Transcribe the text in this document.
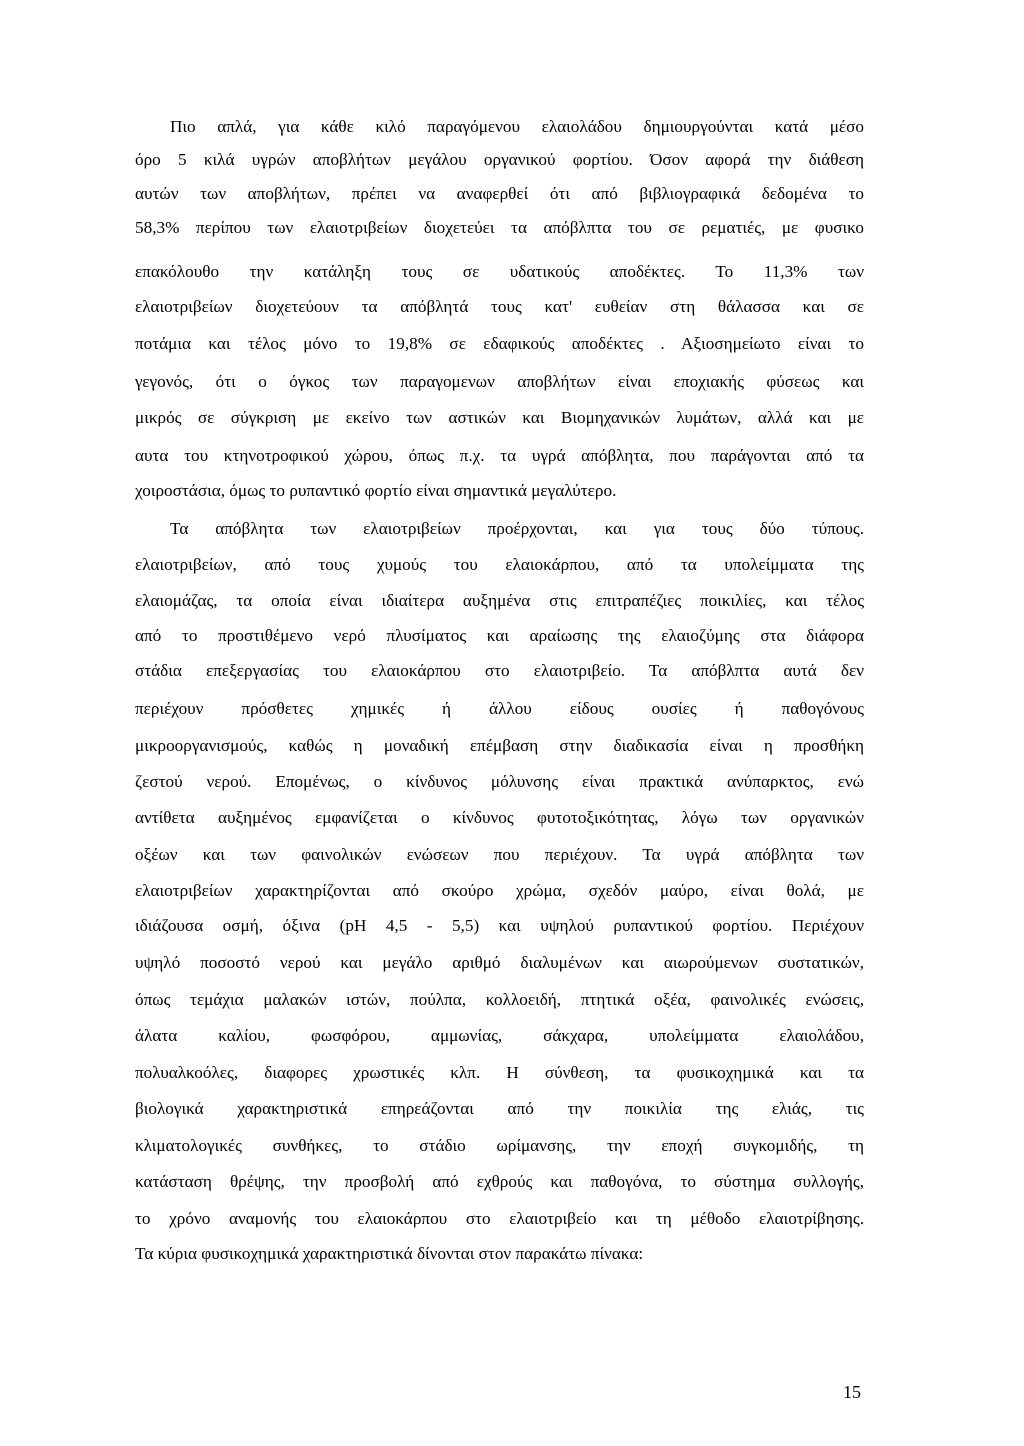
Πιο απλά, για κάθε κιλό παραγόμενου ελαιολάδου δημιουργούνται κατά μέσο
όρο 5 κιλά υγρών αποβλήτων μεγάλου οργανικού φορτίου. Όσον αφορά την διάθεση
αυτών των αποβλήτων, πρέπει να αναφερθεί ότι από βιβλιογραφικά δεδομένα το
58,3% περίπου των ελαιοτριβείων διοχετεύει τα απόβλπτα του σε ρεματιές, με φυσικο
επακόλουθο την κατάληξη τους σε υδατικούς αποδέκτες. Το 11,3% των
ελαιοτριβείων διοχετεύουν τα απόβλητά τους κατ' ευθείαν στη θάλασσα και σε
ποτάμια και τέλος μόνο το 19,8% σε εδαφικούς αποδέκτες . Αξιοσημείωτο είναι το
γεγονός, ότι ο όγκος των παραγομενων αποβλήτων είναι εποχιακής φύσεως και
μικρός σε σύγκριση με εκείνο των αστικών και Βιομηχανικών λυμάτων, αλλά και με
αυτα του κτηνοτροφικού χώρου, όπως π.χ. τα υγρά απόβλητα, που παράγονται από τα
χοιροστάσια, όμως το ρυπαντικό φορτίο είναι σημαντικά μεγαλύτερο.
Τα απόβλητα των ελαιοτριβείων προέρχονται, και για τους δύο τύπους.
ελαιοτριβείων, από τους χυμούς του ελαιοκάρπου, από τα υπολείμματα της
ελαιομάζας, τα οποία είναι ιδιαίτερα αυξημένα στις επιτραπέζιες ποικιλίες, και τέλος
από το προστιθέμενο νερό πλυσίματος και αραίωσης της ελαιοζύμης στα διάφορα
στάδια επεξεργασίας του ελαιοκάρπου στο ελαιοτριβείο. Τα απόβλπτα αυτά δεν
περιέχουν πρόσθετες χημικές ή άλλου είδους ουσίες ή παθογόνους
μικροοργανισμούς, καθώς η μοναδική επέμβαση στην διαδικασία είναι η προσθήκη
ζεστού νερού. Επομένως, ο κίνδυνος μόλυνσης είναι πρακτικά ανύπαρκτος, ενώ
αντίθετα αυξημένος εμφανίζεται ο κίνδυνος φυτοτοξικότητας, λόγω των οργανικών
οξέων και των φαινολικών ενώσεων που περιέχουν. Τα υγρά απόβλητα των
ελαιοτριβείων χαρακτηρίζονται από σκούρο χρώμα, σχεδόν μαύρο, είναι θολά, με
ιδιάζουσα οσμή, όξινα (pH 4,5 - 5,5) και υψηλού ρυπαντικού φορτίου. Περιέχουν
υψηλό ποσοστό νερού και μεγάλο αριθμό διαλυμένων και αιωρούμενων συστατικών,
όπως τεμάχια μαλακών ιστών, πούλπα, κολλοειδή, πτητικά οξέα, φαινολικές ενώσεις,
άλατα καλίου, φωσφόρου, αμμωνίας, σάκχαρα, υπολείμματα ελαιολάδου,
πολυαλκοόλες, διαφορες χρωστικές κλπ. Η σύνθεση, τα φυσικοχημικά και τα
βιολογικά χαρακτηριστικά επηρεάζονται από την ποικιλία της ελιάς, τις
κλιματολογικές συνθήκες, το στάδιο ωρίμανσης, την εποχή συγκομιδής, τη
κατάσταση θρέψης, την προσβολή από εχθρούς και παθογόνα, το σύστημα συλλογής,
το χρόνο αναμονής του ελαιοκάρπου στο ελαιοτριβείο και τη μέθοδο ελαιοτρίβησης.
Τα κύρια φυσικοχημικά χαρακτηριστικά δίνονται στον παρακάτω πίνακα:
15
